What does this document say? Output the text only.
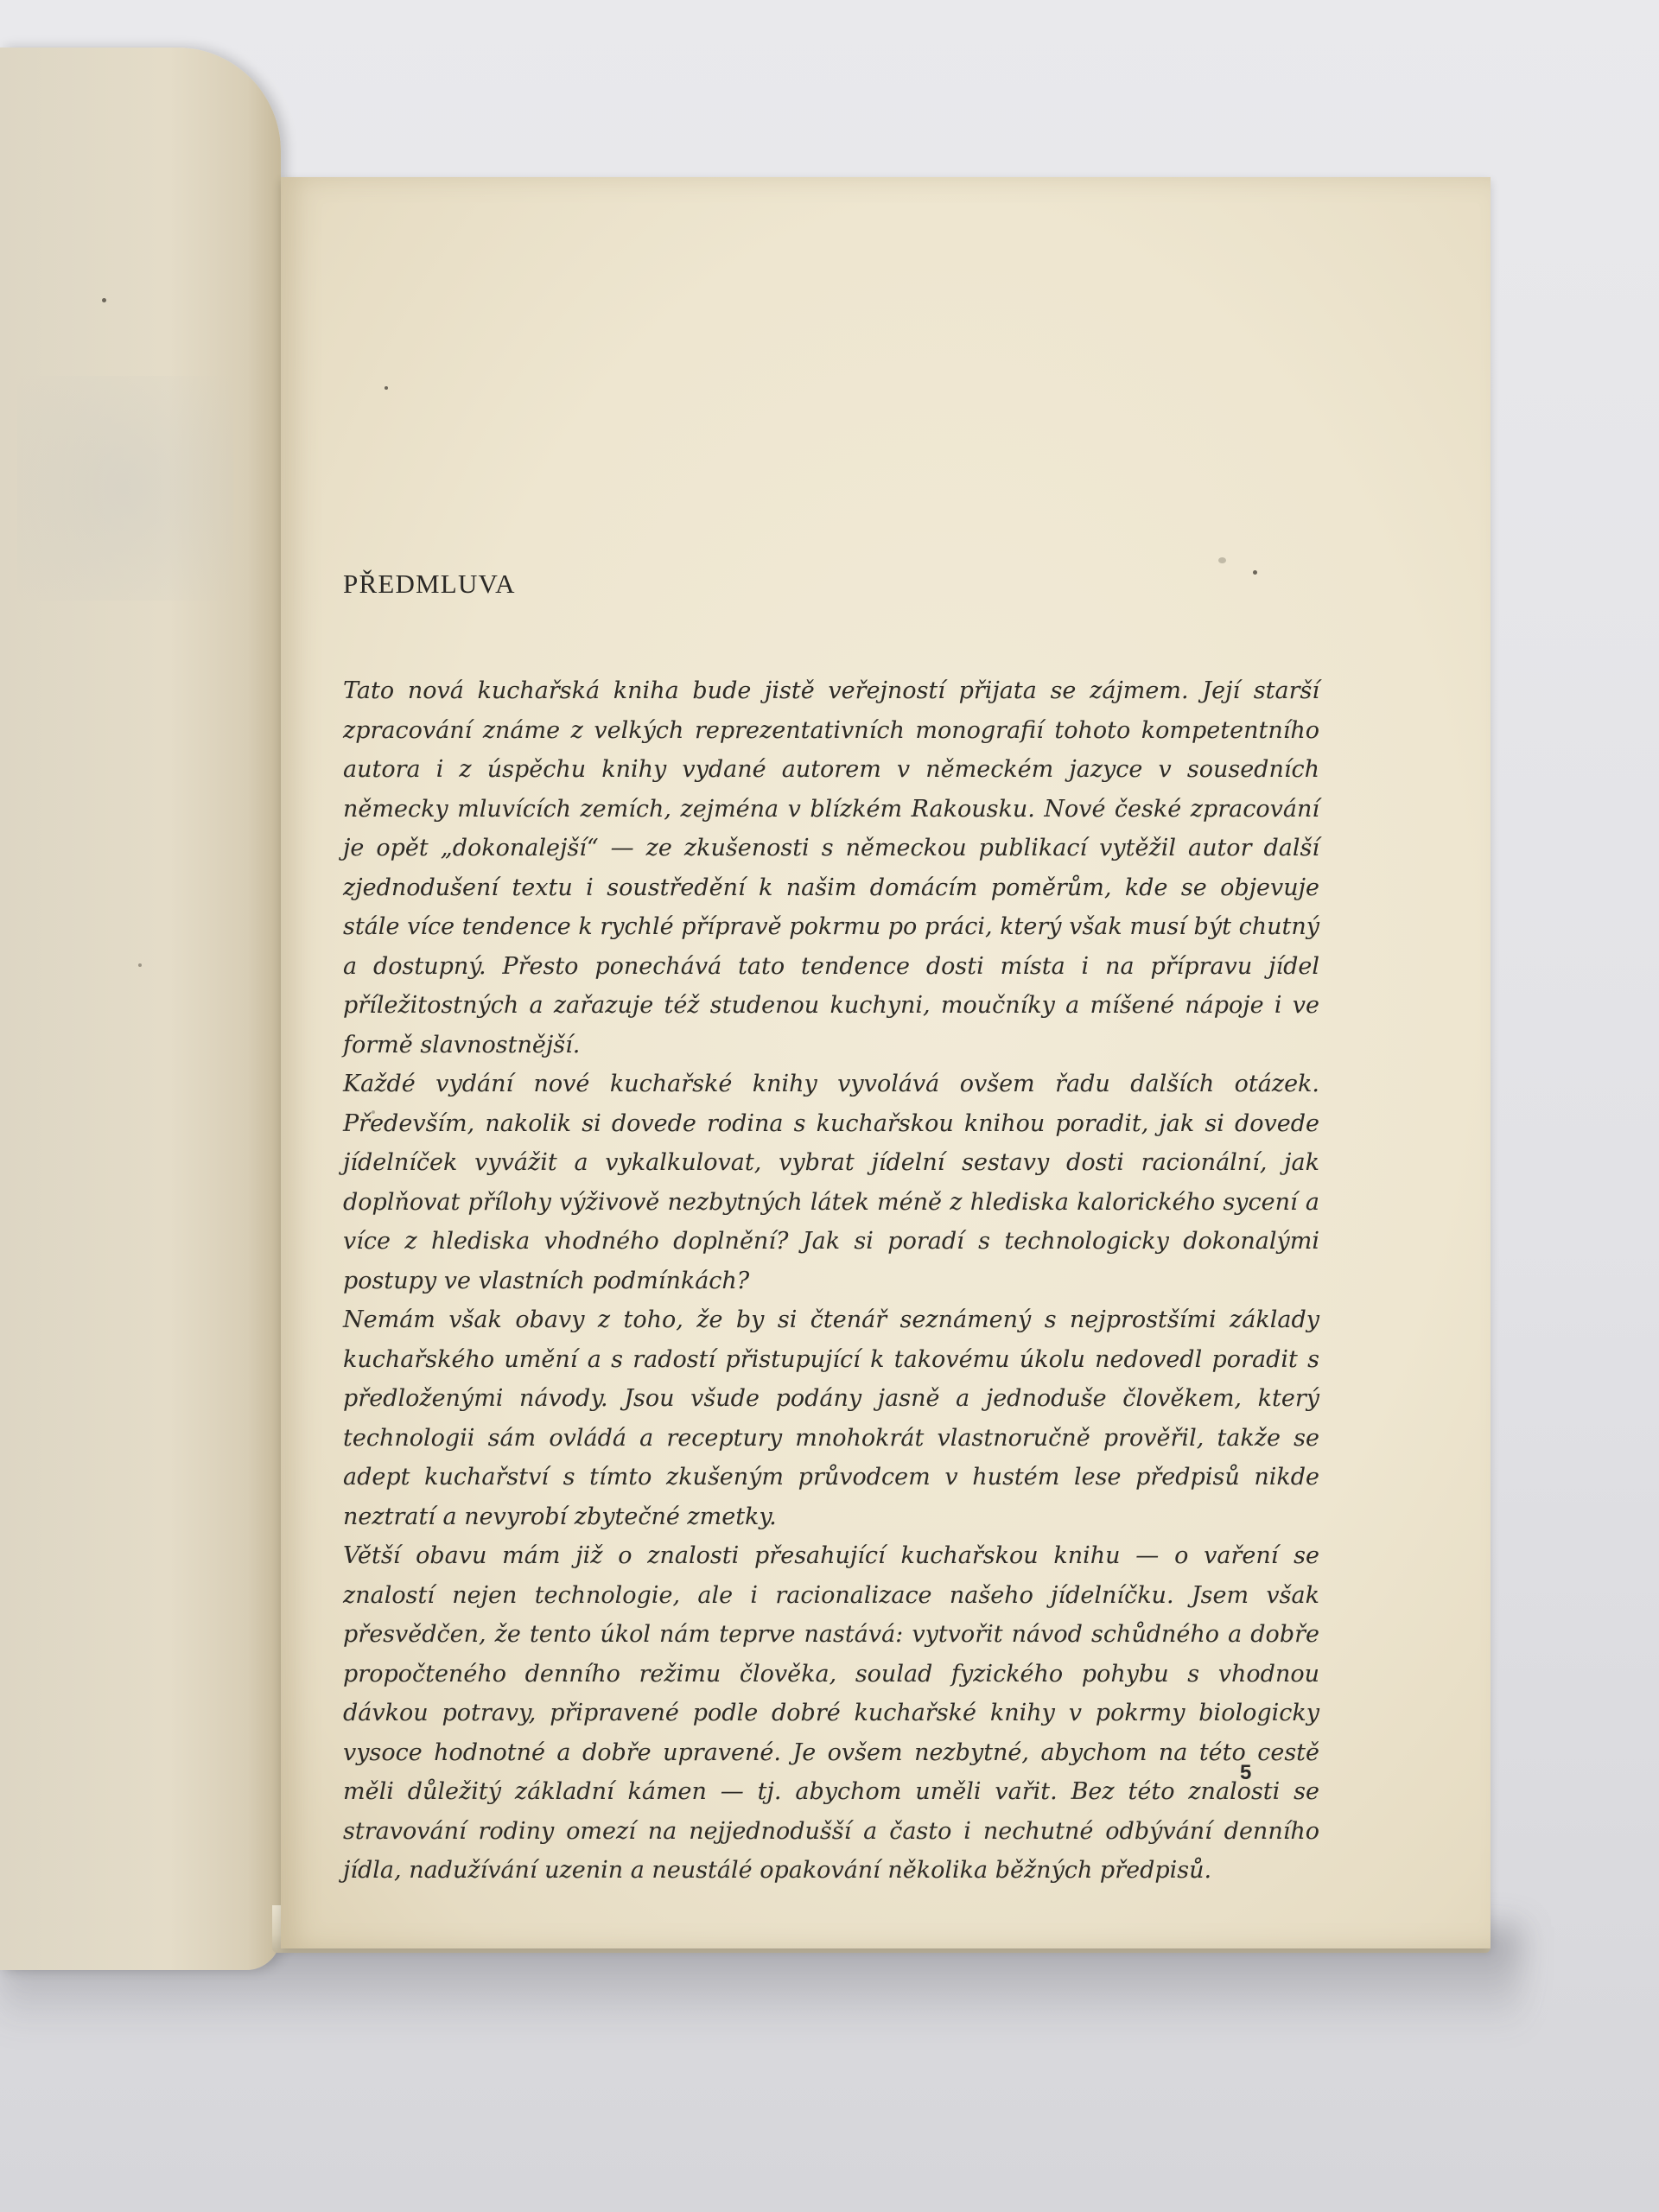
PŘEDMLUVA

Tato nová kuchařská kniha bude jistě veřejností přijata se zájmem. Její starší zpracování známe z velkých reprezentativních monografií tohoto kompetentního autora i z úspěchu knihy vydané autorem v německém jazyce v sousedních německy mluvících zemích, zejména v blízkém Rakousku. Nové české zpracování je opět „dokonalejší“ — ze zkušenosti s německou publikací vytěžil autor další zjednodušení textu i soustředění k našim domácím poměrům, kde se objevuje stále více tendence k rychlé přípravě pokrmu po práci, který však musí být chutný a dostupný. Přesto ponechává tato tendence dosti místa i na přípravu jídel příležitostných a zařazuje též studenou kuchyni, moučníky a míšené nápoje i ve formě slavnostnější.

Každé vydání nové kuchařské knihy vyvolává ovšem řadu dalších otázek. Především, nakolik si dovede rodina s kuchařskou knihou poradit, jak si dovede jídelníček vyvážit a vykalkulovat, vybrat jídelní sestavy dosti racionální, jak doplňovat přílohy výživově nezbytných látek méně z hlediska kalorického sycení a více z hlediska vhodného doplnění? Jak si poradí s technologicky dokonalými postupy ve vlastních podmínkách?

Nemám však obavy z toho, že by si čtenář seznámený s nejprostšími základy kuchařského umění a s radostí přistupující k takovému úkolu nedovedl poradit s předloženými návody. Jsou všude podány jasně a jednoduše člověkem, který technologii sám ovládá a receptury mnohokrát vlastnoručně prověřil, takže se adept kuchařství s tímto zkušeným průvodcem v hustém lese předpisů nikde neztratí a nevyrobí zbytečné zmetky.

Větší obavu mám již o znalosti přesahující kuchařskou knihu — o vaření se znalostí nejen technologie, ale i racionalizace našeho jídelníčku. Jsem však přesvědčen, že tento úkol nám teprve nastává: vytvořit návod schůdného a dobře propočteného denního režimu člověka, soulad fyzického pohybu s vhodnou dávkou potravy, připravené podle dobré kuchařské knihy v pokrmy biologicky vysoce hodnotné a dobře upravené. Je ovšem nezbytné, abychom na této cestě měli důležitý základní kámen — tj. abychom uměli vařit. Bez této znalosti se stravování rodiny omezí na nejjednodušší a často i nechutné odbývání denního jídla, nadužívání uzenin a neustálé opakování několika běžných předpisů.

5
